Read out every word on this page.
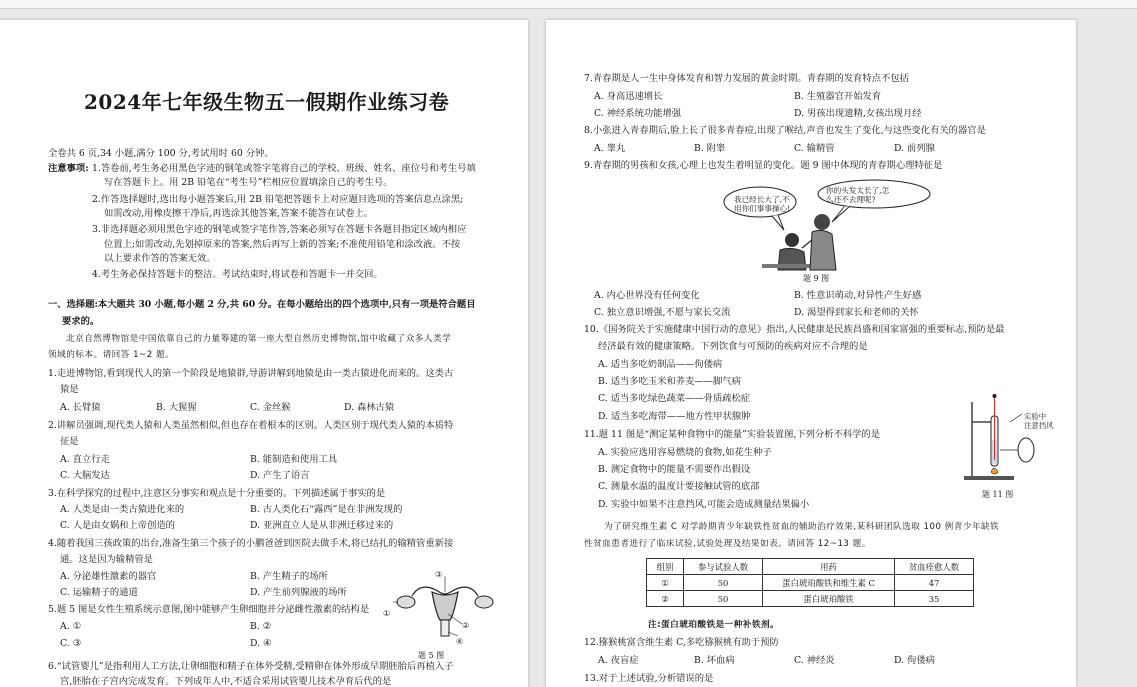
2024年七年级生物五一假期作业练习卷
全卷共 6 页,34 小题,满分 100 分,考试用时 60 分钟。
注意事项: 1.答卷前,考生务必用黑色字迹的钢笔或签字笔将自己的学校、班级、姓名、座位号和考生号填
写在答题卡上。用 2B 铅笔在“考生号”栏相应位置填涂自己的考生号。
2.作答选择题时,选出每小题答案后,用 2B 铅笔把答题卡上对应题目选项的答案信息点涂黑;
如需改动,用橡皮擦干净后,再选涂其他答案,答案不能答在试卷上。
3.非选择题必须用黑色字迹的钢笔或签字笔作答,答案必须写在答题卡各题目指定区域内相应
位置上;如需改动,先划掉原来的答案,然后再写上新的答案;不准使用铅笔和涂改液。不按
以上要求作答的答案无效。
4.考生务必保持答题卡的整洁。考试结束时,将试卷和答题卡一并交回。
一、选择题:本大题共 30 小题,每小题 2 分,共 60 分。在每小题给出的四个选项中,只有一项是符合题目
要求的。
北京自然博物馆是中国依靠自己的力量筹建的第一座大型自然历史博物馆,馆中收藏了众多人类学
领域的标本。请回答 1~2 题。
1.走进博物馆,看到现代人的第一个阶段是地猿群,导游讲解到地猿是由一类古猿进化而来的。这类古
猿是
A. 长臂猿	B. 大猩猩	C. 金丝猴	D. 森林古猿
2.讲解员强调,现代类人猿和人类虽然相似,但也存在着根本的区别。人类区别于现代类人猿的本质特
征是
A. 直立行走	B. 能制造和使用工具
C. 大脑发达	D. 产生了语言
3.在科学探究的过程中,注意区分事实和观点是十分重要的。下列描述属于事实的是
A. 人类是由一类古猿进化来的	B. 古人类化石“露西”是在非洲发现的
C. 人是由女娲和上帝创造的	D. 亚洲直立人是从非洲迁移过来的
4.随着我国三孩政策的出台,准备生第三个孩子的小鹏爸爸到医院去做手术,将已结扎的输精管重新接
通。这是因为输精管是
A. 分泌雄性激素的器官	B. 产生精子的场所
C. 运输精子的通道	D. 产生前列腺液的场所
5.题 5 图是女性生殖系统示意图,图中能够产生卵细胞并分泌雌性激素的结构是
A. ①	B. ②
C. ③	D. ④
③
①
②
④
题 5 图
6.“试管婴儿”是指利用人工方法,让卵细胞和精子在体外受精,受精卵在体外形成早期胚胎后再植入子
宫,胚胎在子宫内完成发育。下列成年人中,不适合采用试管婴儿技术孕育后代的是
7.青春期是人一生中身体发育和智力发展的黄金时期。青春期的发育特点不包括
A. 身高迅速增长	B. 生殖器官开始发育
C. 神经系统功能增强	D. 男孩出现遗精,女孩出现月经
8.小张进入青春期后,脸上长了很多青春痘,出现了喉结,声音也发生了变化,与这些变化有关的器官是
A. 睾丸	B. 附睾	C. 输精管	D. 前列腺
9.青春期的男孩和女孩,心理上也发生着明显的变化。题 9 图中体现的青春期心理特征是
我已经长大了,不
用你们事事操心!
你的头发太长了,怎
么还不去理呢?
题 9 图
A. 内心世界没有任何变化	B. 性意识萌动,对异性产生好感
C. 独立意识增强,不愿与家长交流	D. 渴望得到家长和老师的关怀
10.《国务院关于实施健康中国行动的意见》指出,人民健康是民族昌盛和国家富强的重要标志,预防是最
经济最有效的健康策略。下列饮食与可预防的疾病对应不合理的是
A. 适当多吃奶制品——佝偻病
B. 适当多吃玉米和荞麦——脚气病
C. 适当多吃绿色蔬菜——骨质疏松症
D. 适当多吃海带——地方性甲状腺肿
11.题 11 图是“测定某种食物中的能量”实验装置图,下列分析不科学的是
A. 实验应选用容易燃烧的食物,如花生种子
B. 测定食物中的能量不需要作出假设
C. 测量水温的温度计要接触试管的底部
D. 实验中如果不注意挡风,可能会造成测量结果偏小
实验中
注意挡风
题 11 图
为了研究维生素 C 对学龄期青少年缺铁性贫血的辅助治疗效果,某科研团队选取 100 例青少年缺铁
性贫血患者进行了临床试验,试验处理及结果如表。请回答 12~13 题。
组别	参与试验人数	用药	贫血痊愈人数
①	50	蛋白琥珀酸铁和维生素 C	47
②	50	蛋白琥珀酸铁	35
注:蛋白琥珀酸铁是一种补铁剂。
12.猕猴桃富含维生素 C,多吃猕猴桃有助于预防
A. 夜盲症	B. 坏血病	C. 神经炎	D. 佝偻病
13.对于上述试验,分析错误的是
